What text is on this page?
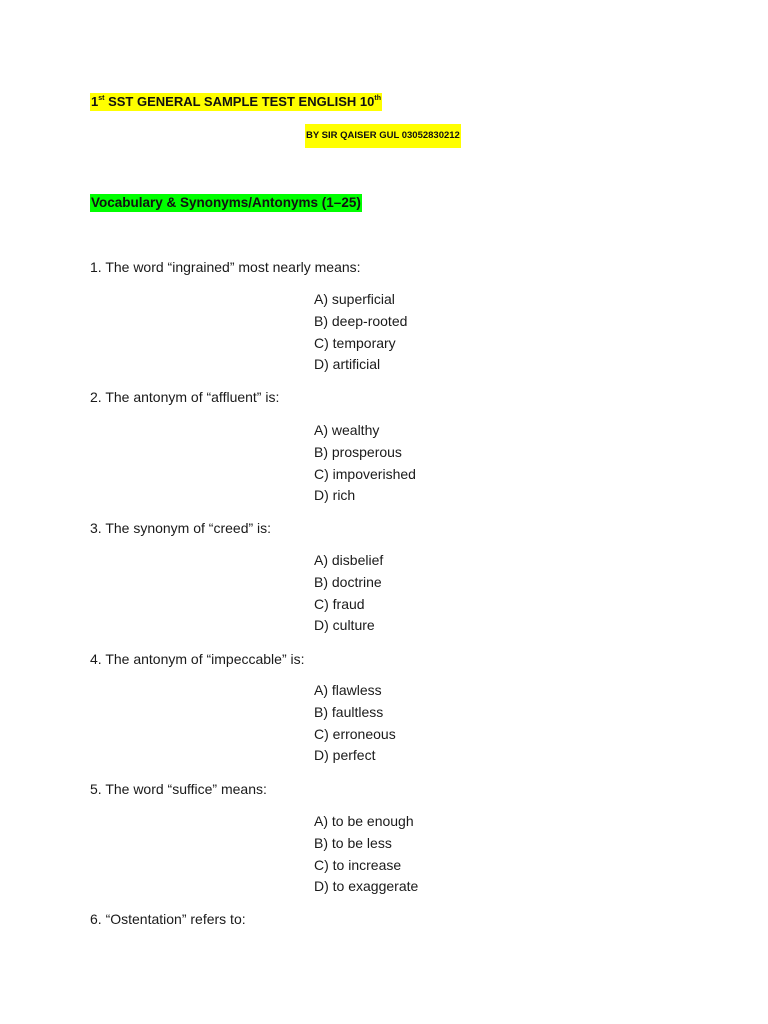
1st SST GENERAL SAMPLE TEST ENGLISH 10th
BY SIR QAISER GUL 03052830212
Vocabulary & Synonyms/Antonyms (1–25)
1. The word “ingrained” most nearly means:
A) superficial
B) deep-rooted
C) temporary
D) artificial
2. The antonym of “affluent” is:
A) wealthy
B) prosperous
C) impoverished
D) rich
3. The synonym of “creed” is:
A) disbelief
B) doctrine
C) fraud
D) culture
4. The antonym of “impeccable” is:
A) flawless
B) faultless
C) erroneous
D) perfect
5. The word “suffice” means:
A) to be enough
B) to be less
C) to increase
D) to exaggerate
6. “Ostentation” refers to:
